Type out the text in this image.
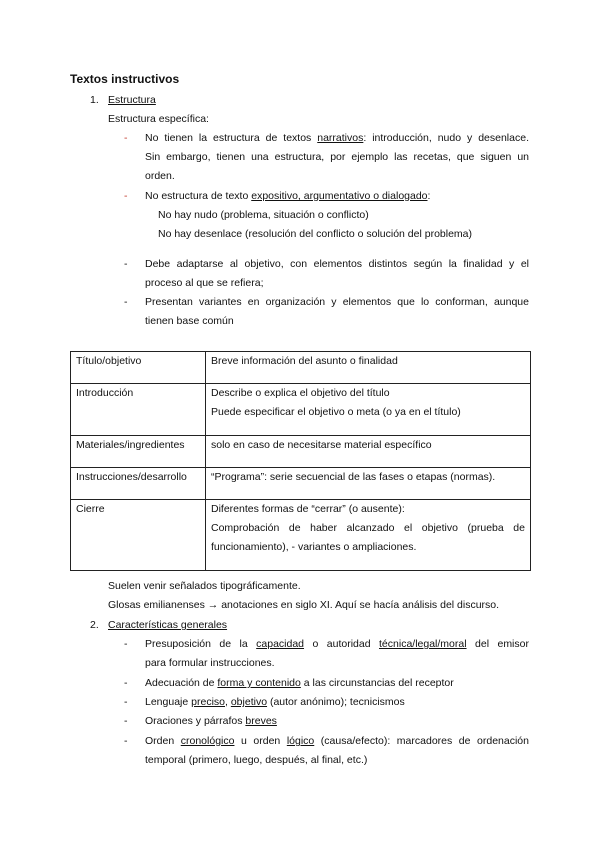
Textos instructivos
1. Estructura
Estructura específica:
- No tienen la estructura de textos narrativos: introducción, nudo y desenlace.
Sin embargo, tienen una estructura, por ejemplo las recetas, que siguen un
orden.
- No estructura de texto expositivo, argumentativo o dialogado:
No hay nudo (problema, situación o conflicto)
No hay desenlace (resolución del conflicto o solución del problema)
- Debe adaptarse al objetivo, con elementos distintos según la finalidad y el
proceso al que se refiera;
- Presentan variantes en organización y elementos que lo conforman, aunque
tienen base común
Título/objetivo	Breve información del asunto o finalidad

Introducción	Describe o explica el objetivo del título
Puede especificar el objetivo o meta (o ya en el título)

Materiales/ingredientes	solo en caso de necesitarse material específico

Instrucciones/desarrollo	“Programa”: serie secuencial de las fases o etapas (normas).

Cierre	Diferentes formas de “cerrar” (o ausente):
Comprobación de haber alcanzado el objetivo (prueba de
funcionamiento), - variantes o ampliaciones.
Suelen venir señalados tipográficamente.
Glosas emilianenses → anotaciones en siglo XI. Aquí se hacía análisis del discurso.
2. Características generales
- Presuposición de la capacidad o autoridad técnica/legal/moral del emisor
para formular instrucciones.
- Adecuación de forma y contenido a las circunstancias del receptor
- Lenguaje preciso, objetivo (autor anónimo); tecnicismos
- Oraciones y párrafos breves
- Orden cronológico u orden lógico (causa/efecto): marcadores de ordenación
temporal (primero, luego, después, al final, etc.)
